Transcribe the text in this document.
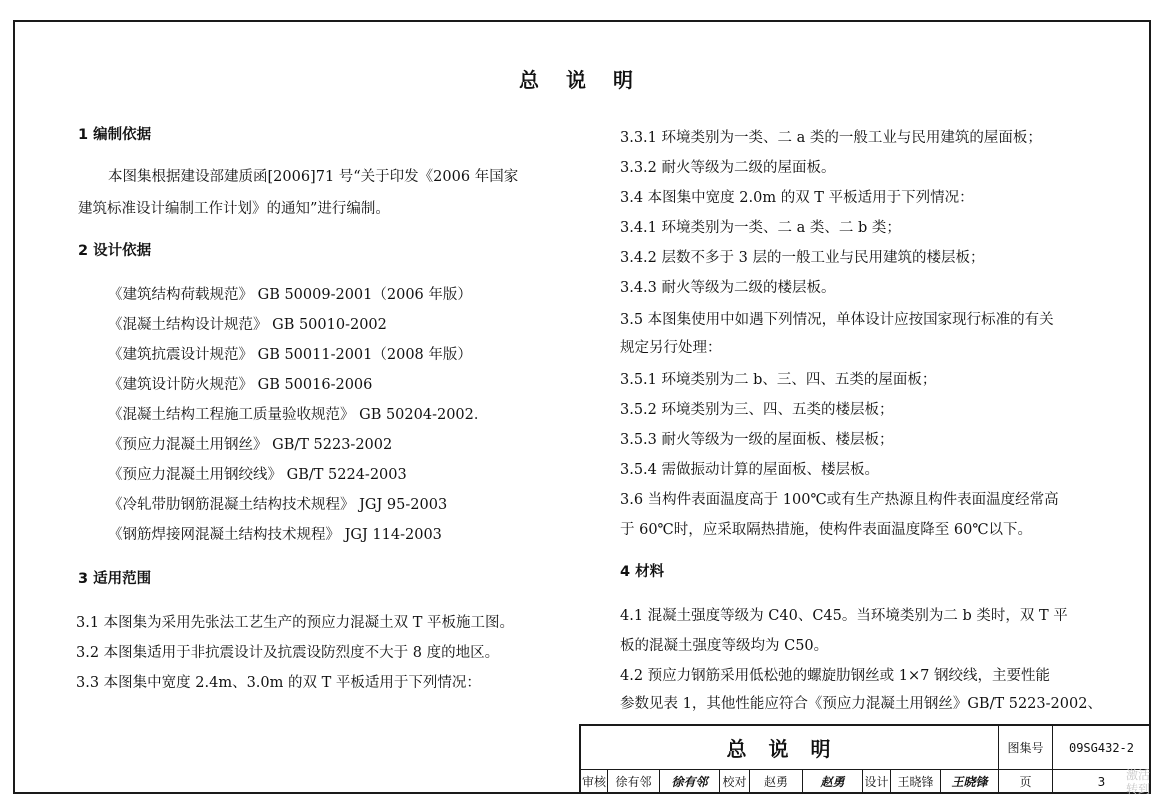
总 说 明
1 编制依据
本图集根据建设部建质函[2006]71 号“关于印发《2006 年国家
建筑标准设计编制工作计划》的通知”进行编制。
2 设计依据
《建筑结构荷载规范》 GB 50009-2001（2006 年版）
《混凝土结构设计规范》 GB 50010-2002
《建筑抗震设计规范》 GB 50011-2001（2008 年版）
《建筑设计防火规范》 GB 50016-2006
《混凝土结构工程施工质量验收规范》 GB 50204-2002．
《预应力混凝土用钢丝》 GB/T 5223-2002
《预应力混凝土用钢绞线》 GB/T 5224-2003
《冷轧带肋钢筋混凝土结构技术规程》 JGJ 95-2003
《钢筋焊接网混凝土结构技术规程》 JGJ 114-2003
3 适用范围
3.1 本图集为采用先张法工艺生产的预应力混凝土双 T 平板施工图。
3.2 本图集适用于非抗震设计及抗震设防烈度不大于 8 度的地区。
3.3 本图集中宽度 2.4m、3.0m 的双 T 平板适用于下列情况：
3.3.1 环境类别为一类、二 a 类的一般工业与民用建筑的屋面板；
3.3.2 耐火等级为二级的屋面板。
3.4 本图集中宽度 2.0m 的双 T 平板适用于下列情况：
3.4.1 环境类别为一类、二 a 类、二 b 类；
3.4.2 层数不多于 3 层的一般工业与民用建筑的楼层板；
3.4.3 耐火等级为二级的楼层板。
3.5 本图集使用中如遇下列情况，单体设计应按国家现行标准的有关
规定另行处理：
3.5.1 环境类别为二 b、三、四、五类的屋面板；
3.5.2 环境类别为三、四、五类的楼层板；
3.5.3 耐火等级为一级的屋面板、楼层板；
3.5.4 需做振动计算的屋面板、楼层板。
3.6 当构件表面温度高于 100℃或有生产热源且构件表面温度经常高
于 60℃时，应采取隔热措施，使构件表面温度降至 60℃以下。
4 材料
4.1 混凝土强度等级为 C40、C45。当环境类别为二 b 类时，双 T 平
板的混凝土强度等级均为 C50。
4.2 预应力钢筋采用低松弛的螺旋肋钢丝或 1×7 钢绞线，主要性能
参数见表 1，其他性能应符合《预应力混凝土用钢丝》GB/T 5223-2002、
总说明	图集号	09SG432-2
审核 徐有邻	徐有邻	校对	赵勇	赵勇	设计 王晓锋	王晓锋	页	3	激活
转到
